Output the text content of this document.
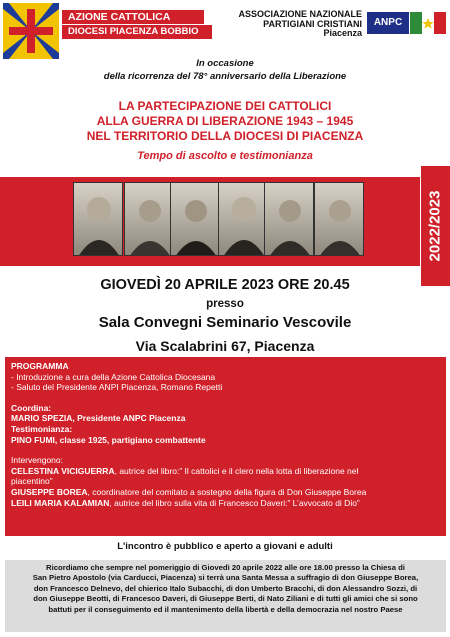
AZIONE CATTOLICA
DIOCESI PIACENZA BOBBIO
ASSOCIAZIONE NAZIONALE
PARTIGIANI CRISTIANI
Piacenza
ANPC
In occasione
della ricorrenza del 78° anniversario della Liberazione
LA PARTECIPAZIONE DEI CATTOLICI
ALLA GUERRA DI LIBERAZIONE 1943 – 1945
NEL TERRITORIO DELLA DIOCESI DI PIACENZA
Tempo di ascolto e testimonianza
2022/2023
GIOVEDÌ 20 APRILE 2023 ORE 20.45
presso
Sala Convegni Seminario Vescovile
Via Scalabrini 67, Piacenza
PROGRAMMA
- Introduzione a cura della Azione Cattolica Diocesana
- Saluto del Presidente ANPI Piacenza, Romano Repetti
Coordina:
MARIO SPEZIA, Presidente ANPC Piacenza
Testimonianza:
PINO FUMI, classe 1925, partigiano combattente
Intervengono:
CELESTINA VICIGUERRA, autrice del libro:” Il cattolici e il clero nella lotta di liberazione nel
piacentino”
GIUSEPPE BOREA, coordinatore del comitato a sostegno della figura di Don Giuseppe Borea
LEILI MARIA KALAMIAN, autrice del libro sulla vita di Francesco Daveri:” L’avvocato di Dio”
L'incontro è pubblico e aperto a giovani e adulti
Ricordiamo che sempre nel pomeriggio di Giovedì 20 aprile 2022 alle ore 18.00 presso la Chiesa di
San Pietro Apostolo (via Carducci, Piacenza) si terrà una Santa Messa a suffragio di don Giuseppe Borea,
don Francesco Delnevo, del chierico Italo Subacchi, di don Umberto Bracchi, di don Alessandro Sozzi, di
don Giuseppe Beotti, di Francesco Daveri, di Giuseppe Berti, di Nato Ziliani e di tutti gli amici che si sono
battuti per il conseguimento ed il mantenimento della libertà e della democrazia nel nostro Paese
